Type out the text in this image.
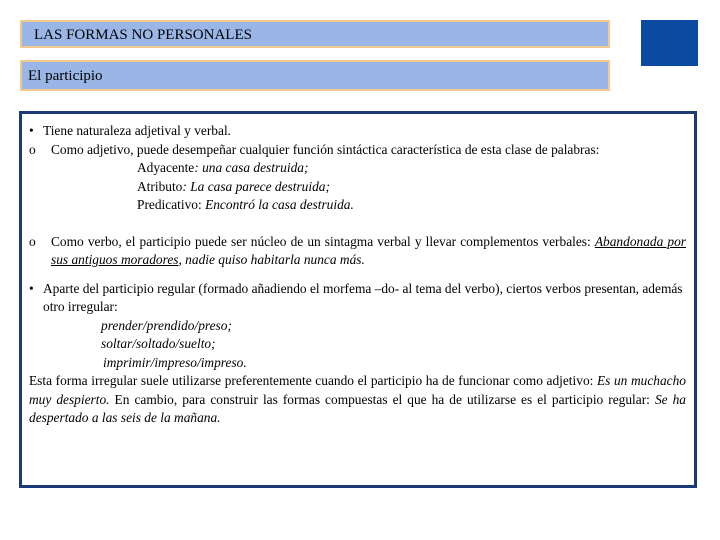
LAS FORMAS NO PERSONALES
El participio

• Tiene naturaleza adjetival y verbal.

o Como adjetivo, puede desempeñar cualquier función sintáctica característica de esta clase de palabras:

Adyacente: una casa destruida;
Atributo: La casa parece destruida;
Predicativo: Encontró la casa destruida.

o Como verbo, el participio puede ser núcleo de un sintagma verbal y llevar complementos verbales: Abandonada por sus antiguos moradores, nadie quiso habitarla nunca más.

• Aparte del participio regular (formado añadiendo el morfema –do- al tema del verbo), ciertos verbos presentan, además otro irregular:

prender/prendido/preso;
soltar/soltado/suelto;
imprimir/impreso/impreso.

Esta forma irregular suele utilizarse preferentemente cuando el participio ha de funcionar como adjetivo: Es un muchacho muy despierto. En cambio, para construir las formas compuestas el que ha de utilizarse es el participio regular: Se ha despertado a las seis de la mañana.
